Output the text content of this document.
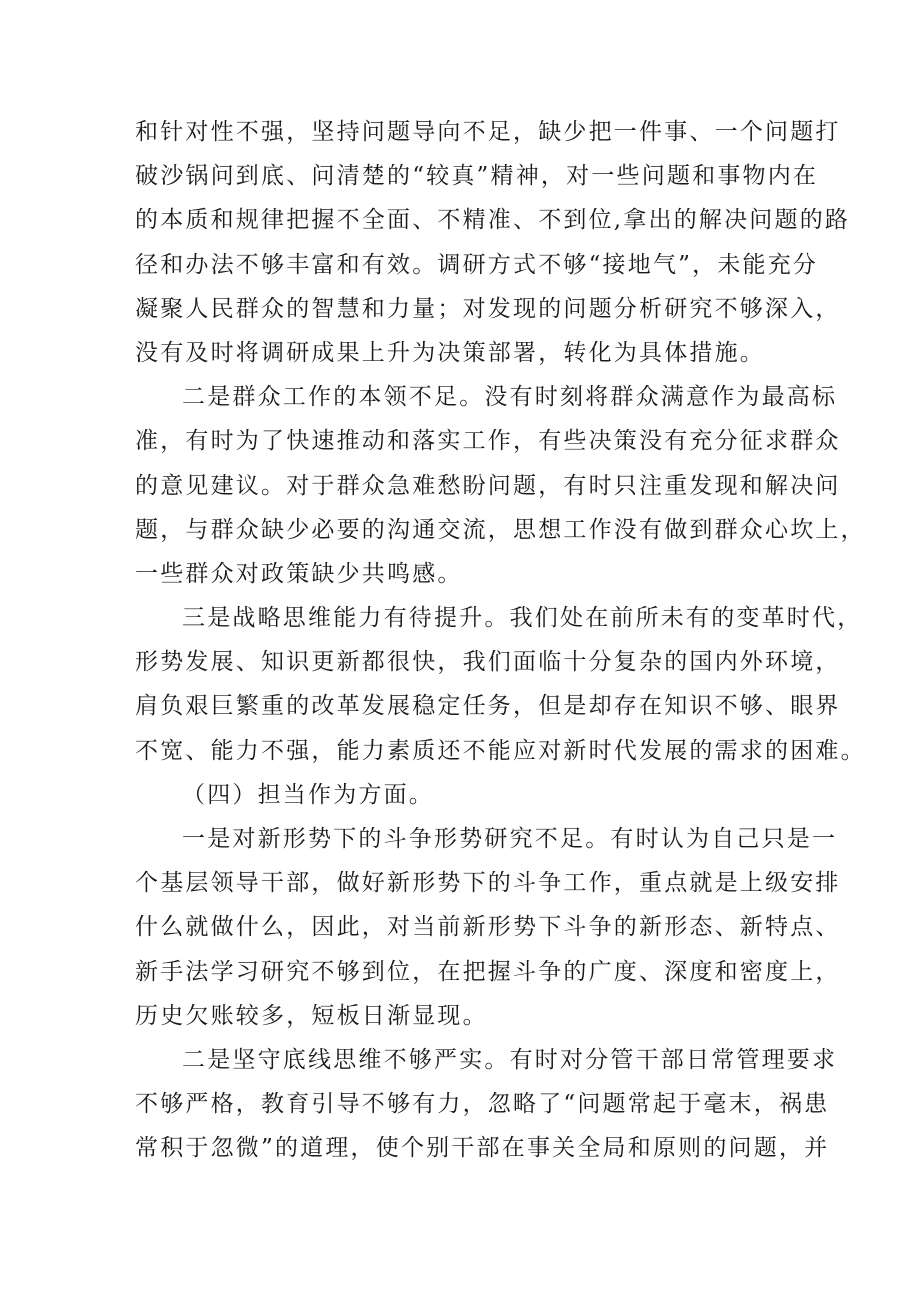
和针对性不强，坚持问题导向不足，缺少把一件事、一个问题打
破沙锅问到底、问清楚的“较真”精神，对一些问题和事物内在
的本质和规律把握不全面、不精准、不到位,拿出的解决问题的路
径和办法不够丰富和有效。调研方式不够“接地气”，未能充分
凝聚人民群众的智慧和力量；对发现的问题分析研究不够深入，
没有及时将调研成果上升为决策部署，转化为具体措施。
二是群众工作的本领不足。没有时刻将群众满意作为最高标
准，有时为了快速推动和落实工作，有些决策没有充分征求群众
的意见建议。对于群众急难愁盼问题，有时只注重发现和解决问
题，与群众缺少必要的沟通交流，思想工作没有做到群众心坎上，
一些群众对政策缺少共鸣感。
三是战略思维能力有待提升。我们处在前所未有的变革时代，
形势发展、知识更新都很快，我们面临十分复杂的国内外环境，
肩负艰巨繁重的改革发展稳定任务，但是却存在知识不够、眼界
不宽、能力不强，能力素质还不能应对新时代发展的需求的困难。
（四）担当作为方面。
一是对新形势下的斗争形势研究不足。有时认为自己只是一
个基层领导干部，做好新形势下的斗争工作，重点就是上级安排
什么就做什么，因此，对当前新形势下斗争的新形态、新特点、
新手法学习研究不够到位，在把握斗争的广度、深度和密度上，
历史欠账较多，短板日渐显现。
二是坚守底线思维不够严实。有时对分管干部日常管理要求
不够严格，教育引导不够有力，忽略了“问题常起于毫末，祸患
常积于忽微”的道理，使个别干部在事关全局和原则的问题，并
